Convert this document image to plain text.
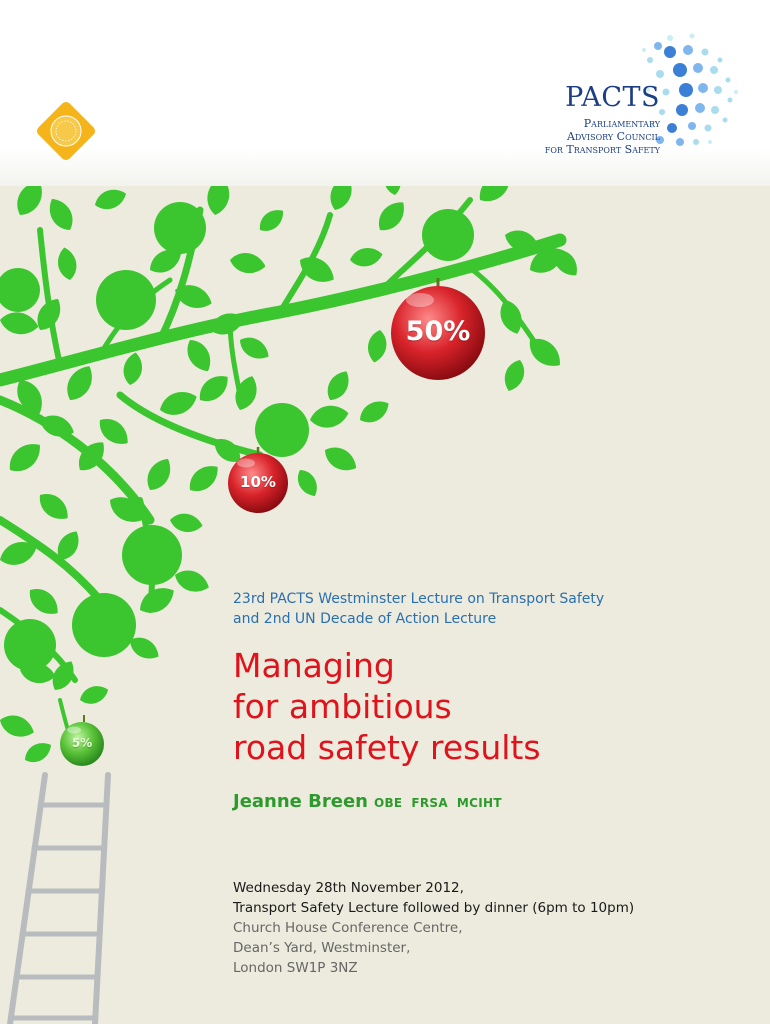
PACTS
Parliamentary
Advisory Council
for Transport Safety
50%
10%
5%
23rd PACTS Westminster Lecture on Transport Safety
and 2nd UN Decade of Action Lecture
Managing
for ambitious
road safety results
Jeanne Breen OBE  FRSA  MCIHT
Wednesday 28th November 2012,
Transport Safety Lecture followed by dinner (6pm to 10pm)
Church House Conference Centre,
Dean’s Yard, Westminster,
London SW1P 3NZ
